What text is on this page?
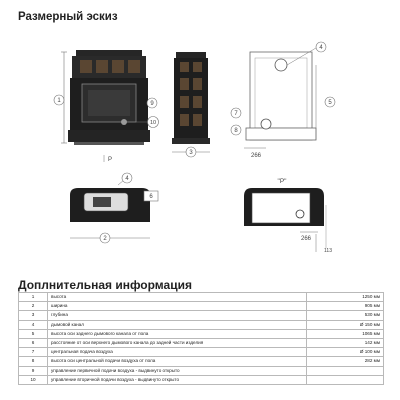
Размерный эскиз
1	9
10
3
4
5
7
8
266
P
4
6
2
"P"
266
113
Доплнительная информация
1	высота	1250 мм
2	ширина	905 мм
3	глубина	530 мм
4	дымовой канал	Ø 150 мм
5	высота оси заднего дымового канала от пола	1065 мм
6	расстояние от оси верхнего дымового канала до задней части изделия	142 мм
7	центральная подача воздуха	Ø 100 мм
8	высота оси центральной подачи воздуха от пола	282 мм
9	управление первичной подачи воздуха - выдвинуто открыто	
10	управление вторичной подачи воздуха - выдвинуто открыто	
